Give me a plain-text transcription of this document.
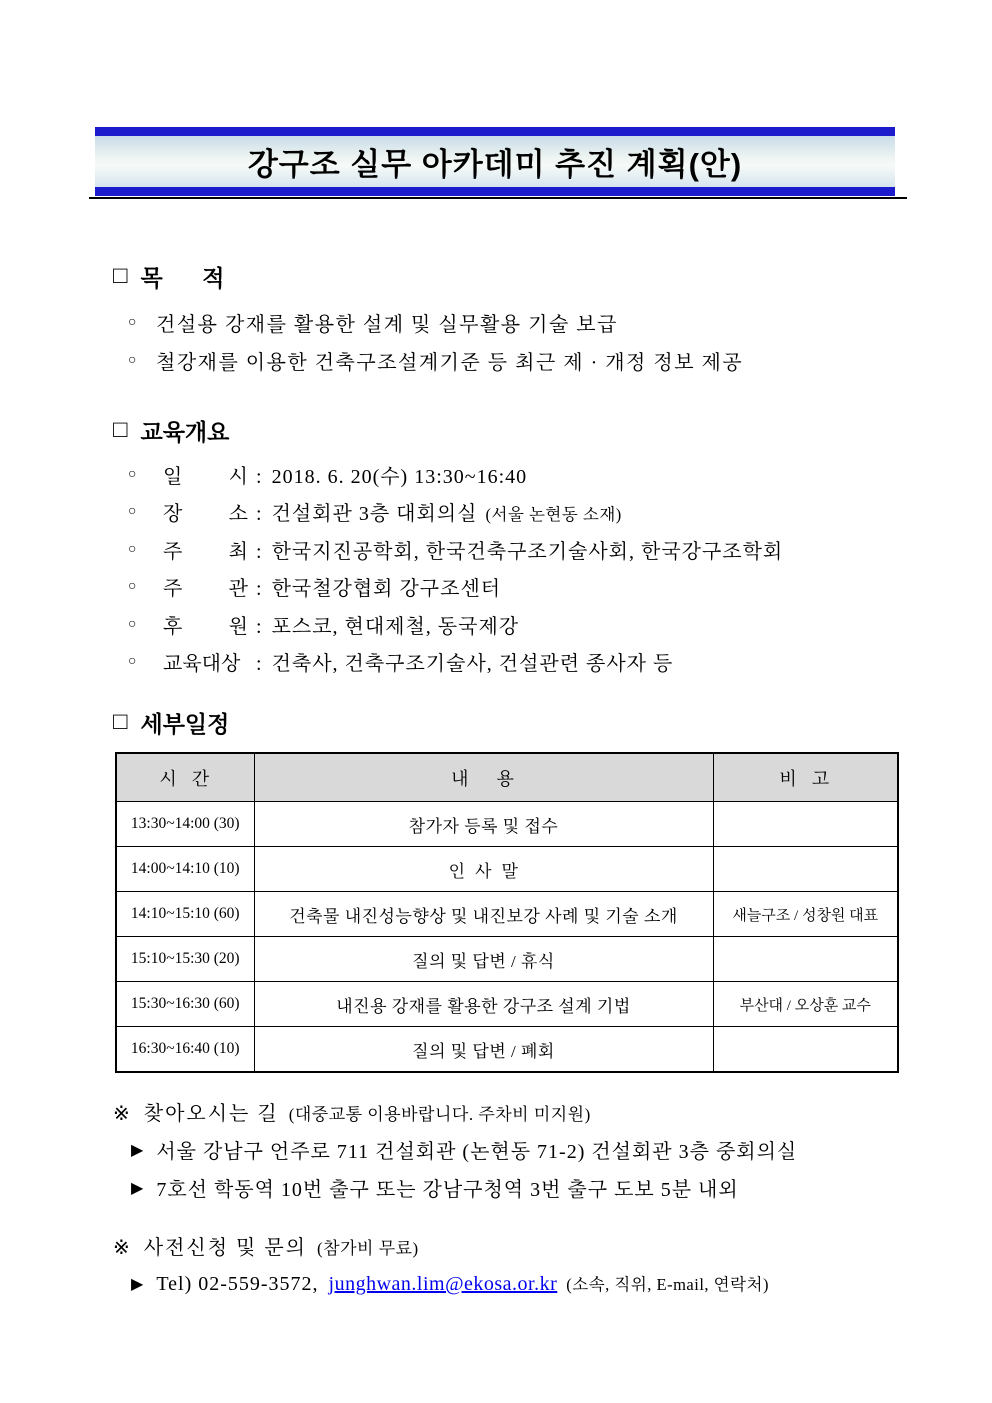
강구조 실무 아카데미 추진 계획(안)
□ 목 적
○ 건설용 강재를 활용한 설계 및 실무활용 기술 보급
○ 철강재를 이용한 건축구조설계기준 등 최근 제 · 개정 정보 제공
□ 교육개요
○ 일 시 : 2018. 6. 20(수) 13:30~16:40
○ 장 소 : 건설회관 3층 대회의실 (서울 논현동 소재)
○ 주 최 : 한국지진공학회, 한국건축구조기술사회, 한국강구조학회
○ 주 관 : 한국철강협회 강구조센터
○ 후 원 : 포스코, 현대제철, 동국제강
○ 교육대상 : 건축사, 건축구조기술사, 건설관련 종사자 등
□ 세부일정
시  간	내    용	비  고
13:30~14:00 (30)	참가자 등록 및 접수	
14:00~14:10 (10)	인  사  말	
14:10~15:10 (60)	건축물 내진성능향상 및 내진보강 사례 및 기술 소개	새늘구조 / 성창원 대표
15:10~15:30 (20)	질의 및 답변 / 휴식	
15:30~16:30 (60)	내진용 강재를 활용한 강구조 설계 기법	부산대 / 오상훈 교수
16:30~16:40 (10)	질의 및 답변 / 폐회	
※ 찾아오시는 길 (대중교통 이용바랍니다. 주차비 미지원)
▶ 서울 강남구 언주로 711 건설회관 (논현동 71-2) 건설회관 3층 중회의실
▶ 7호선 학동역 10번 출구 또는 강남구청역 3번 출구 도보 5분 내외
※ 사전신청 및 문의 (참가비 무료)
▶ Tel) 02-559-3572, junghwan.lim@ekosa.or.kr (소속, 직위, E-mail, 연락처)
